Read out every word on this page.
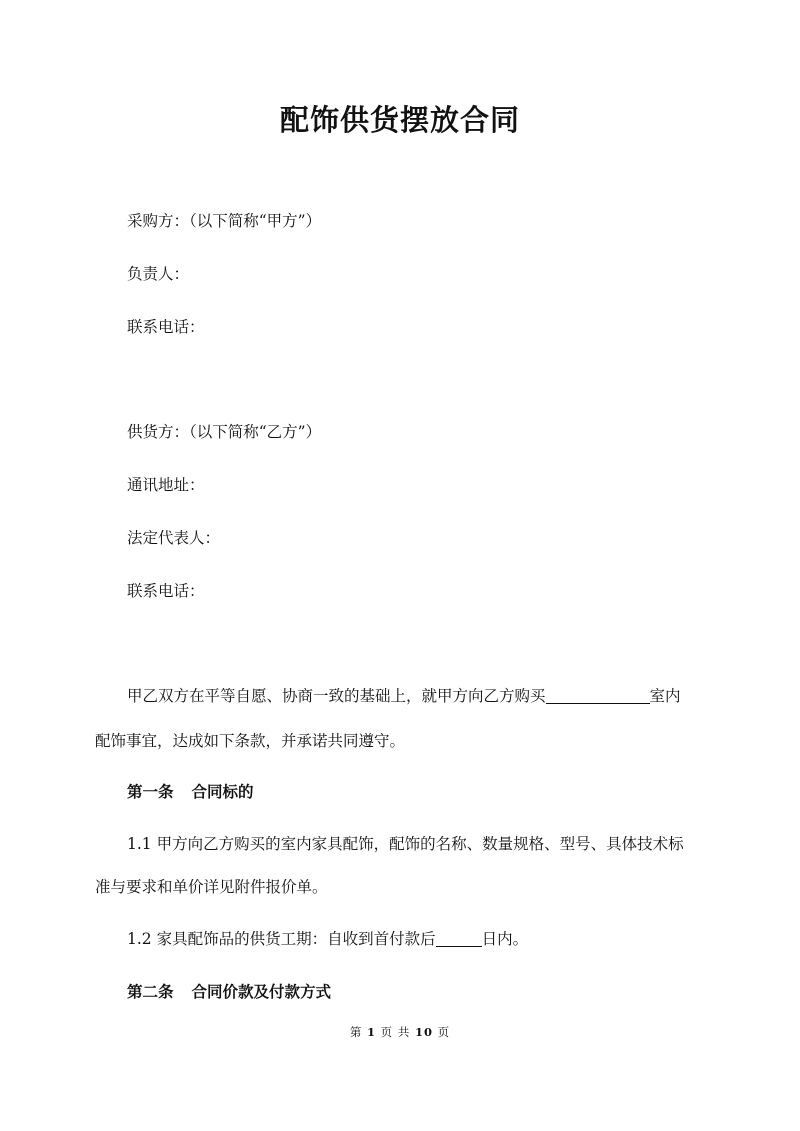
配饰供货摆放合同
采购方：（以下简称“甲方”）
负责人：
联系电话：
供货方：（以下简称“乙方”）
通讯地址：
法定代表人：
联系电话：
甲乙双方在平等自愿、协商一致的基础上，就甲方向乙方购买	室内
配饰事宜，达成如下条款，并承诺共同遵守。
第一条 合同标的
1.1 甲方向乙方购买的室内家具配饰，配饰的名称、数量规格、型号、具体技术标
准与要求和单价详见附件报价单。
1.2 家具配饰品的供货工期：自收到首付款后	日内。
第二条 合同价款及付款方式
第 1 页 共 10 页
